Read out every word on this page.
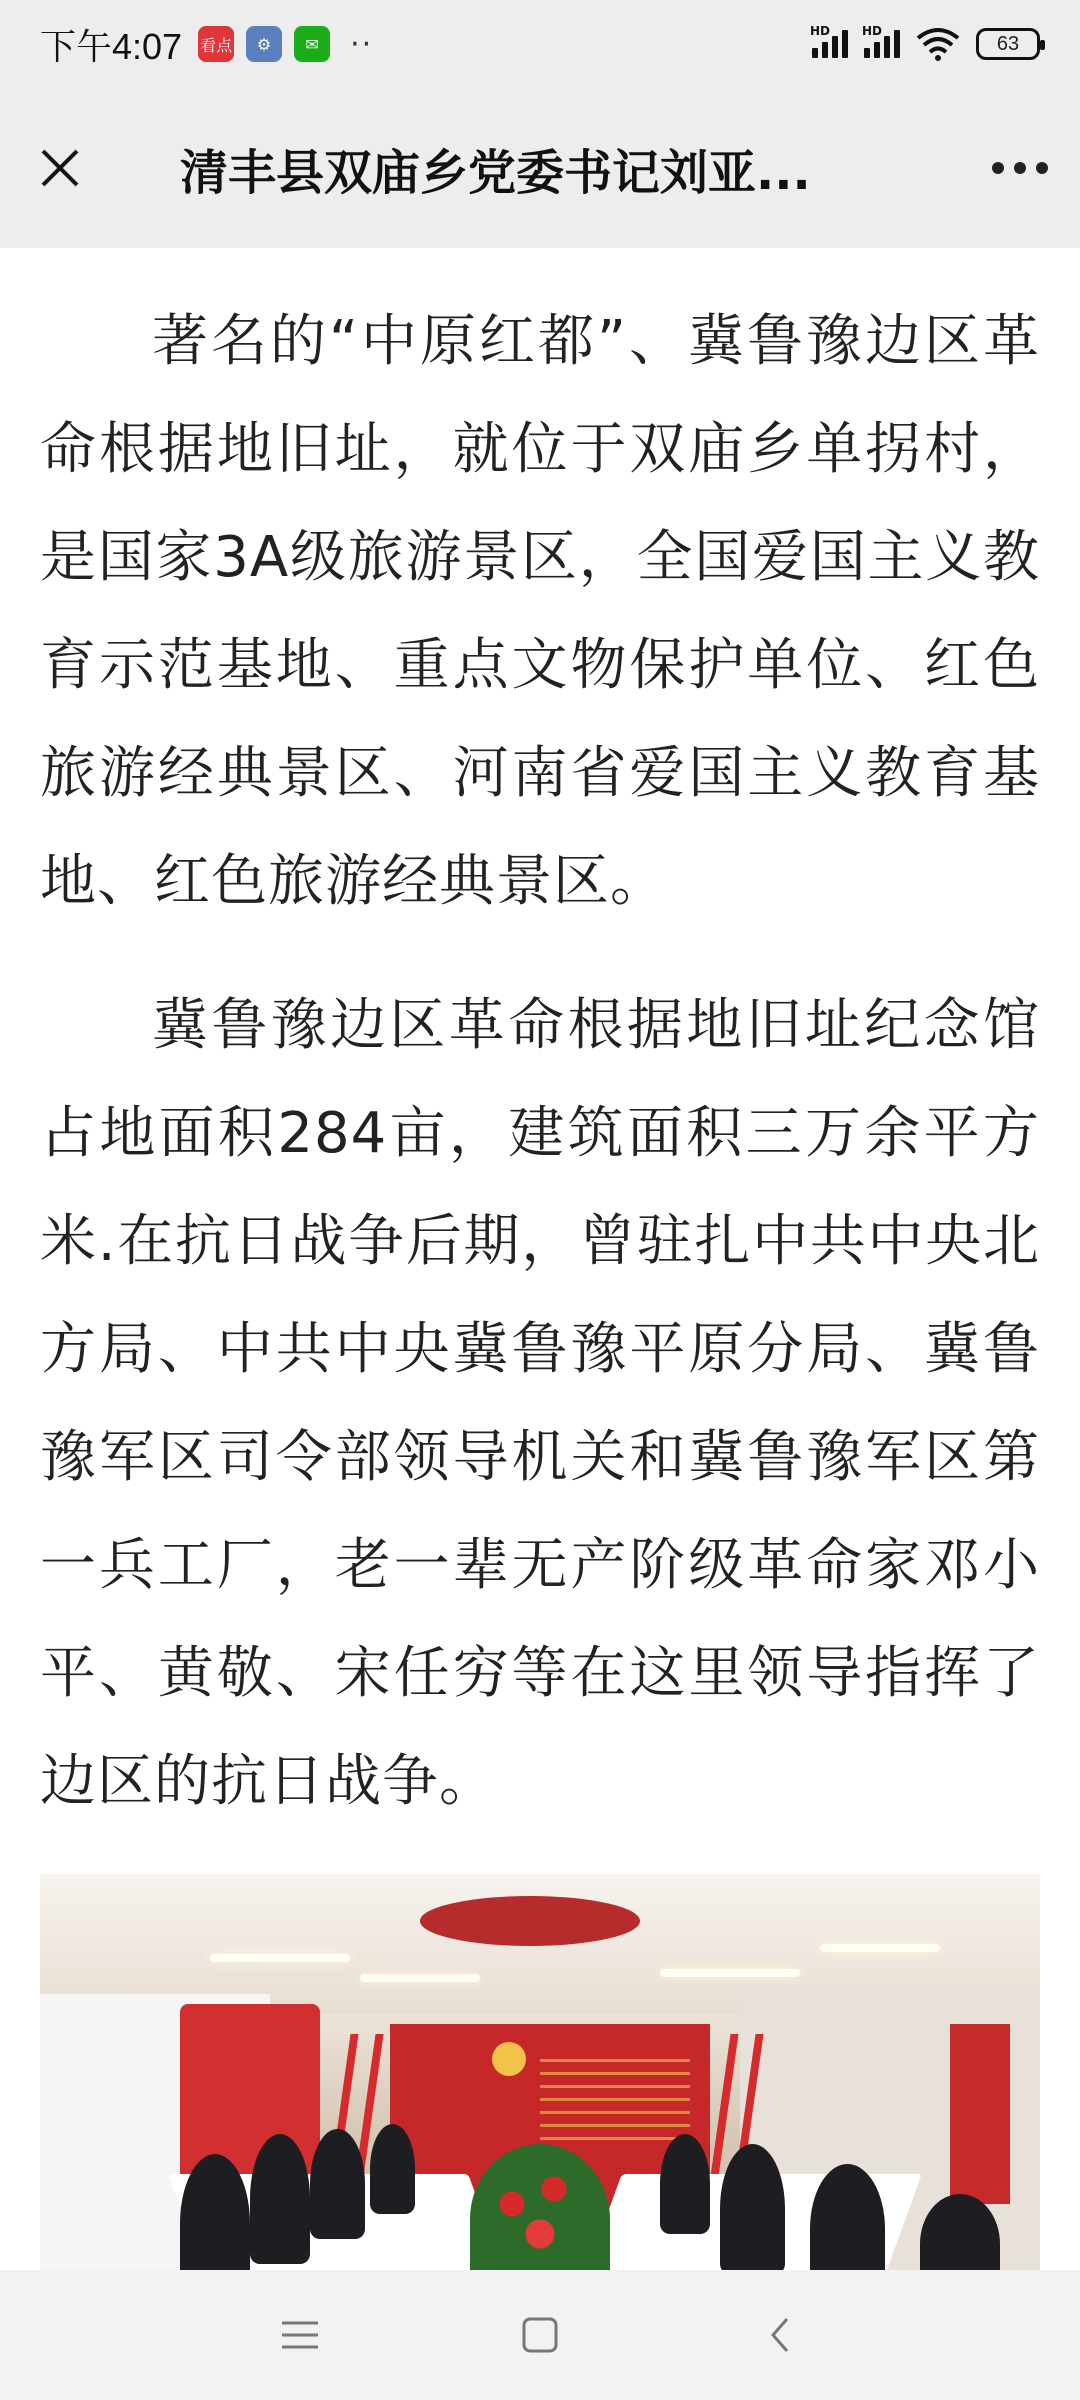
下午4:07 看点	⚙	✉	··	HD	HD
63
清丰县双庙乡党委书记刘亚...

著名的“中原红都”、冀鲁豫边区革命根据地旧址，就位于双庙乡单拐村，是国家3A级旅游景区，全国爱国主义教育示范基地、重点文物保护单位、红色旅游经典景区、河南省爱国主义教育基地、红色旅游经典景区。

冀鲁豫边区革命根据地旧址纪念馆占地面积284亩，建筑面积三万余平方米.在抗日战争后期，曾驻扎中共中央北方局、中共中央冀鲁豫平原分局、冀鲁豫军区司令部领导机关和冀鲁豫军区第一兵工厂，老一辈无产阶级革命家邓小平、黄敬、宋任穷等在这里领导指挥了边区的抗日战争。
